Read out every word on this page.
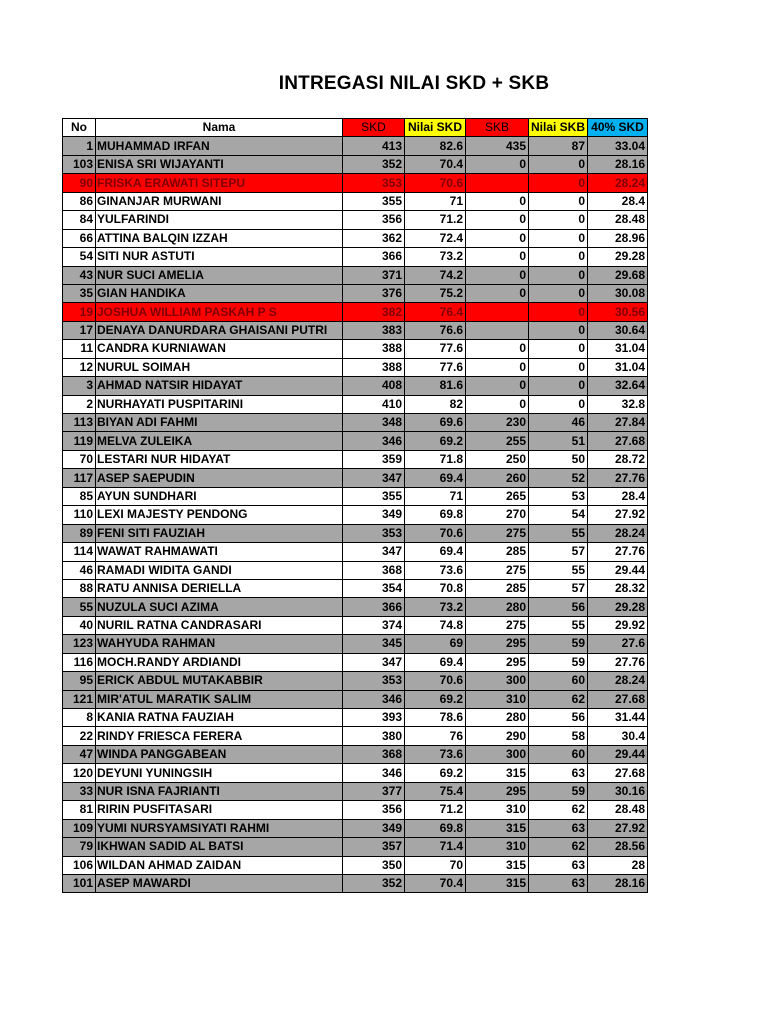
INTREGASI NILAI SKD + SKB
No	Nama	SKD	Nilai SKD	SKB	Nilai SKB	40% SKD
1	MUHAMMAD IRFAN	413	82.6	435	87	33.04
103	ENISA SRI WIJAYANTI	352	70.4	0	0	28.16
90	FRISKA ERAWATI SITEPU	353	70.6		0	28.24
86	GINANJAR MURWANI	355	71	0	0	28.4
84	YULFARINDI	356	71.2	0	0	28.48
66	ATTINA BALQIN IZZAH	362	72.4	0	0	28.96
54	SITI NUR ASTUTI	366	73.2	0	0	29.28
43	NUR SUCI AMELIA	371	74.2	0	0	29.68
35	GIAN HANDIKA	376	75.2	0	0	30.08
19	JOSHUA WILLIAM PASKAH P S	382	76.4		0	30.56
17	DENAYA DANURDARA GHAISANI PUTRI	383	76.6		0	30.64
11	CANDRA KURNIAWAN	388	77.6	0	0	31.04
12	NURUL SOIMAH	388	77.6	0	0	31.04
3	AHMAD NATSIR HIDAYAT	408	81.6	0	0	32.64
2	NURHAYATI PUSPITARINI	410	82	0	0	32.8
113	BIYAN ADI FAHMI	348	69.6	230	46	27.84
119	MELVA ZULEIKA	346	69.2	255	51	27.68
70	LESTARI NUR HIDAYAT	359	71.8	250	50	28.72
117	ASEP SAEPUDIN	347	69.4	260	52	27.76
85	AYUN SUNDHARI	355	71	265	53	28.4
110	LEXI MAJESTY PENDONG	349	69.8	270	54	27.92
89	FENI SITI FAUZIAH	353	70.6	275	55	28.24
114	WAWAT RAHMAWATI	347	69.4	285	57	27.76
46	RAMADI WIDITA GANDI	368	73.6	275	55	29.44
88	RATU ANNISA DERIELLA	354	70.8	285	57	28.32
55	NUZULA SUCI AZIMA	366	73.2	280	56	29.28
40	NURIL RATNA CANDRASARI	374	74.8	275	55	29.92
123	WAHYUDA RAHMAN	345	69	295	59	27.6
116	MOCH.RANDY ARDIANDI	347	69.4	295	59	27.76
95	ERICK ABDUL MUTAKABBIR	353	70.6	300	60	28.24
121	MIR'ATUL MARATIK SALIM	346	69.2	310	62	27.68
8	KANIA RATNA FAUZIAH	393	78.6	280	56	31.44
22	RINDY FRIESCA FERERA	380	76	290	58	30.4
47	WINDA PANGGABEAN	368	73.6	300	60	29.44
120	DEYUNI YUNINGSIH	346	69.2	315	63	27.68
33	NUR ISNA FAJRIANTI	377	75.4	295	59	30.16
81	RIRIN PUSFITASARI	356	71.2	310	62	28.48
109	YUMI NURSYAMSIYATI RAHMI	349	69.8	315	63	27.92
79	IKHWAN SADID AL BATSI	357	71.4	310	62	28.56
106	WILDAN AHMAD ZAIDAN	350	70	315	63	28
101	ASEP MAWARDI	352	70.4	315	63	28.16
